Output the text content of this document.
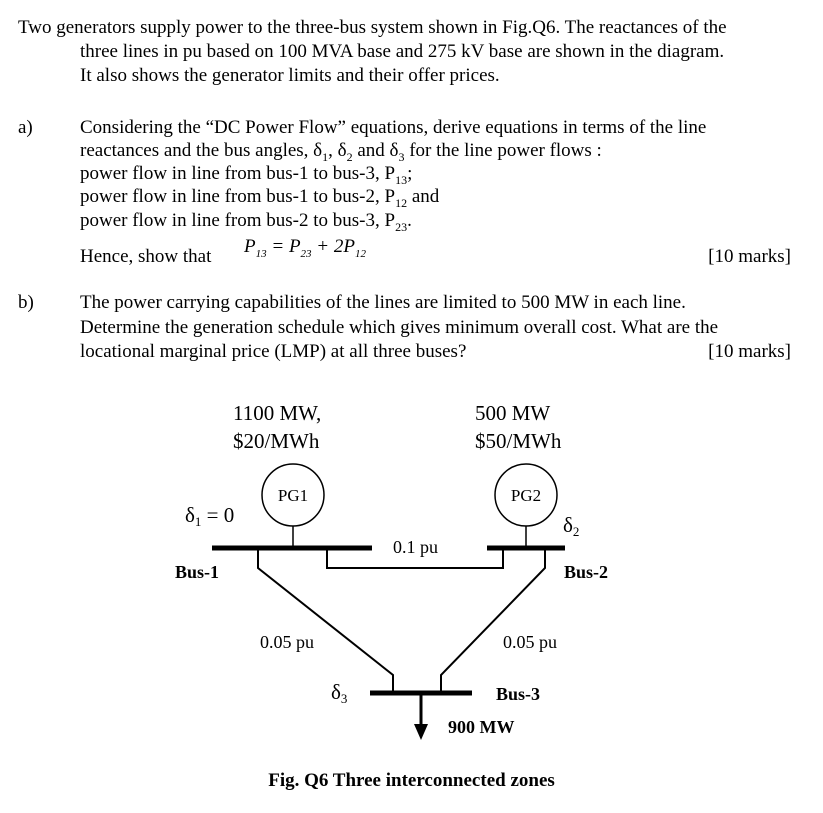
Two generators supply power to the three-bus system shown in Fig.Q6. The reactances of the
three lines in pu based on 100 MVA base and 275 kV base are shown in the diagram.
It also shows the generator limits and their offer prices.
a) Considering the “DC Power Flow” equations, derive equations in terms of the line
reactances and the bus angles, $\delta_1$, $\delta_2$ and $\delta_3$ for the line power flows :
power flow in line from bus-1 to bus-3, $P_{13}$;
power flow in line from bus-1 to bus-2, $P_{12}$ and
power flow in line from bus-2 to bus-3, $P_{23}$.
Hence, show that $P_{13} = P_{23} + 2P_{12}$	[10 marks]
b) The power carrying capabilities of the lines are limited to 500 MW in each line.
Determine the generation schedule which gives minimum overall cost. What are the
locational marginal price (LMP) at all three buses?	[10 marks]
1100 MW,
$20/MWh
500 MW
$50/MWh
PG1	PG2
0.1 pu
0.05 pu	0.05 pu
900 MW
Bus-1	Bus-2
Bus-3
δ1 = 0	δ2
δ3
Fig. Q6 Three interconnected zones
